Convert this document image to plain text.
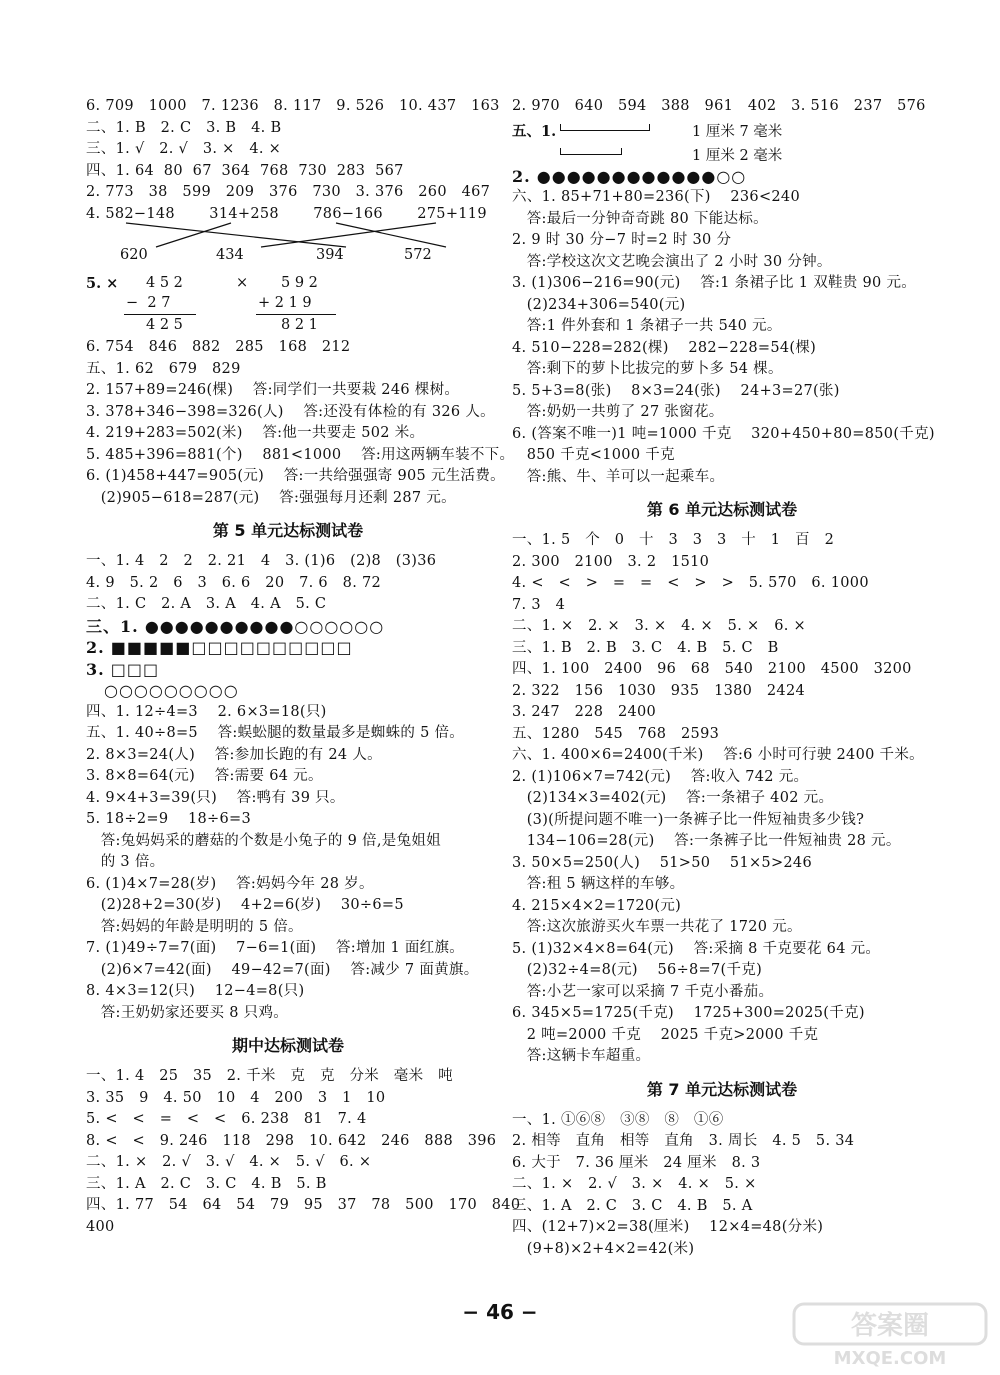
6. 709   1000   7. 1236   8. 117   9. 526   10. 437   163
二、1. B   2. C   3. B   4. B
三、1. √   2. √   3. ×   4. ×
四、1. 64  80  67  364  768  730  283  567
2. 773   38   599   209   376   730   3. 376   260   467
4. 582−148       314+258       786−166       275+119
620	434	394	572
5. × 4 5 2
−  2 7
4 2 5
× 5 9 2
+ 2 1 9
8 2 1
6. 754   846   882   285   168   212
五、1. 62   679   829
2. 157+89=246(棵)    答:同学们一共要栽 246 棵树。
3. 378+346−398=326(人)    答:还没有体检的有 326 人。
4. 219+283=502(米)    答:他一共要走 502 米。
5. 485+396=881(个)    881<1000    答:用这两辆车装不下。
6. (1)458+447=905(元)    答:一共给强强寄 905 元生活费。
(2)905−618=287(元)    答:强强每月还剩 287 元。
第 5 单元达标测试卷
一、1. 4   2   2   2. 21   4   3. (1)6   (2)8   (3)36
4. 9   5. 2   6   3   6. 6   20   7. 6   8. 72
二、1. C   2. A   3. A   4. A   5. C
三、1. ●●●●●●●●●●○○○○○○
2. ■■■■■□□□□□□□□□□
3. □□□
○○○○○○○○○
四、1. 12÷4=3    2. 6×3=18(只)
五、1. 40÷8=5    答:蜈蚣腿的数量最多是蜘蛛的 5 倍。
2. 8×3=24(人)    答:参加长跑的有 24 人。
3. 8×8=64(元)    答:需要 64 元。
4. 9×4+3=39(只)    答:鸭有 39 只。
5. 18÷2=9    18÷6=3
答:兔妈妈采的蘑菇的个数是小兔子的 9 倍,是兔姐姐
的 3 倍。
6. (1)4×7=28(岁)    答:妈妈今年 28 岁。
(2)28+2=30(岁)    4+2=6(岁)    30÷6=5
答:妈妈的年龄是明明的 5 倍。
7. (1)49÷7=7(面)    7−6=1(面)    答:增加 1 面红旗。
(2)6×7=42(面)    49−42=7(面)    答:减少 7 面黄旗。
8. 4×3=12(只)    12−4=8(只)
答:王奶奶家还要买 8 只鸡。
期中达标测试卷
一、1. 4   25   35   2. 千米   克   克   分米   毫米   吨
3. 35   9   4. 50   10   4   200   3   1   10
5. <   <   =   <   <   6. 238   81   7. 4
8. <   <   9. 246   118   298   10. 642   246   888   396
二、1. ×   2. √   3. √   4. ×   5. √   6. ×
三、1. A   2. C   3. C   4. B   5. B
四、1. 77   54   64   54   79   95   37   78   500   170   840
400
2. 970   640   594   388   961   402   3. 516   237   576
五、1.	1 厘米 7 毫米
1 厘米 2 毫米
2. ●●●●●●●●●●●●○○
六、1. 85+71+80=236(下)    236<240
答:最后一分钟奇奇跳 80 下能达标。
2. 9 时 30 分−7 时=2 时 30 分
答:学校这次文艺晚会演出了 2 小时 30 分钟。
3. (1)306−216=90(元)    答:1 条裙子比 1 双鞋贵 90 元。
(2)234+306=540(元)
答:1 件外套和 1 条裙子一共 540 元。
4. 510−228=282(棵)    282−228=54(棵)
答:剩下的萝卜比拔完的萝卜多 54 棵。
5. 5+3=8(张)    8×3=24(张)    24+3=27(张)
答:奶奶一共剪了 27 张窗花。
6. (答案不唯一)1 吨=1000 千克    320+450+80=850(千克)
850 千克<1000 千克
答:熊、牛、羊可以一起乘车。
第 6 单元达标测试卷
一、1. 5   个   0   十   3   3   3   十   1   百   2
2. 300   2100   3. 2   1510
4. <   <   >   =   =   <   >   >   5. 570   6. 1000
7. 3   4
二、1. ×   2. ×   3. ×   4. ×   5. ×   6. ×
三、1. B   2. B   3. C   4. B   5. C   B
四、1. 100   2400   96   68   540   2100   4500   3200
2. 322   156   1030   935   1380   2424
3. 247   228   2400
五、1280   545   768   2593
六、1. 400×6=2400(千米)    答:6 小时可行驶 2400 千米。
2. (1)106×7=742(元)    答:收入 742 元。
(2)134×3=402(元)    答:一条裙子 402 元。
(3)(所提问题不唯一)一条裤子比一件短袖贵多少钱?
134−106=28(元)    答:一条裤子比一件短袖贵 28 元。
3. 50×5=250(人)    51>50    51×5>246
答:租 5 辆这样的车够。
4. 215×4×2=1720(元)
答:这次旅游买火车票一共花了 1720 元。
5. (1)32×4×8=64(元)    答:采摘 8 千克要花 64 元。
(2)32÷4=8(元)    56÷8=7(千克)
答:小艺一家可以采摘 7 千克小番茄。
6. 345×5=1725(千克)    1725+300=2025(千克)
2 吨=2000 千克    2025 千克>2000 千克
答:这辆卡车超重。
第 7 单元达标测试卷
一、1. ①⑥⑧   ③⑧   ⑧   ①⑥
2. 相等   直角   相等   直角   3. 周长   4. 5   5. 34
6. 大于   7. 36 厘米   24 厘米   8. 3
二、1. ×   2. √   3. ×   4. ×   5. ×
三、1. A   2. C   3. C   4. B   5. A
四、(12+7)×2=38(厘米)    12×4=48(分米)
(9+8)×2+4×2=42(米)
− 46 −	答案圈
MXQE.COM
